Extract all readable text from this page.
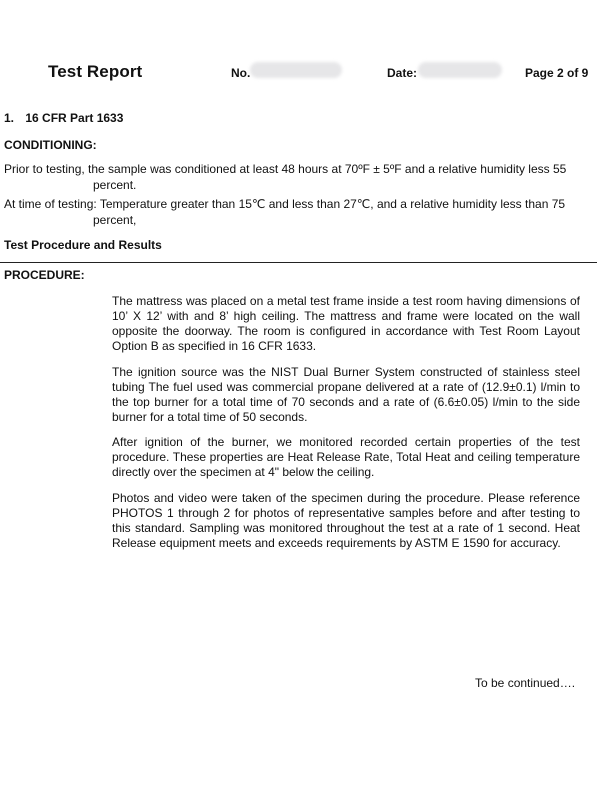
Test Report	No.	Date:	Page 2 of 9
1. 16 CFR Part 1633
CONDITIONING:
Prior to testing, the sample was conditioned at least 48 hours at 70ºF ± 5ºF and a relative humidity less 55
percent.
At time of testing: Temperature greater than 15℃ and less than 27℃, and a relative humidity less than 75
percent,
Test Procedure and Results
PROCEDURE:
The mattress was placed on a metal test frame inside a test room having dimensions of 10’ X 12’ with and 8’ high ceiling. The mattress and frame were located on the wall opposite the doorway. The room is configured in accordance with Test Room Layout Option B as specified in 16 CFR 1633.
The ignition source was the NIST Dual Burner System constructed of stainless steel tubing The fuel used was commercial propane delivered at a rate of (12.9±0.1) l/min to the top burner for a total time of 70 seconds and a rate of (6.6±0.05) l/min to the side burner for a total time of 50 seconds.
After ignition of the burner, we monitored recorded certain properties of the test procedure. These properties are Heat Release Rate, Total Heat and ceiling temperature directly over the specimen at 4" below the ceiling.
Photos and video were taken of the specimen during the procedure. Please reference PHOTOS 1 through 2 for photos of representative samples before and after testing to this standard. Sampling was monitored throughout the test at a rate of 1 second. Heat Release equipment meets and exceeds requirements by ASTM E 1590 for accuracy.
To be continued….
